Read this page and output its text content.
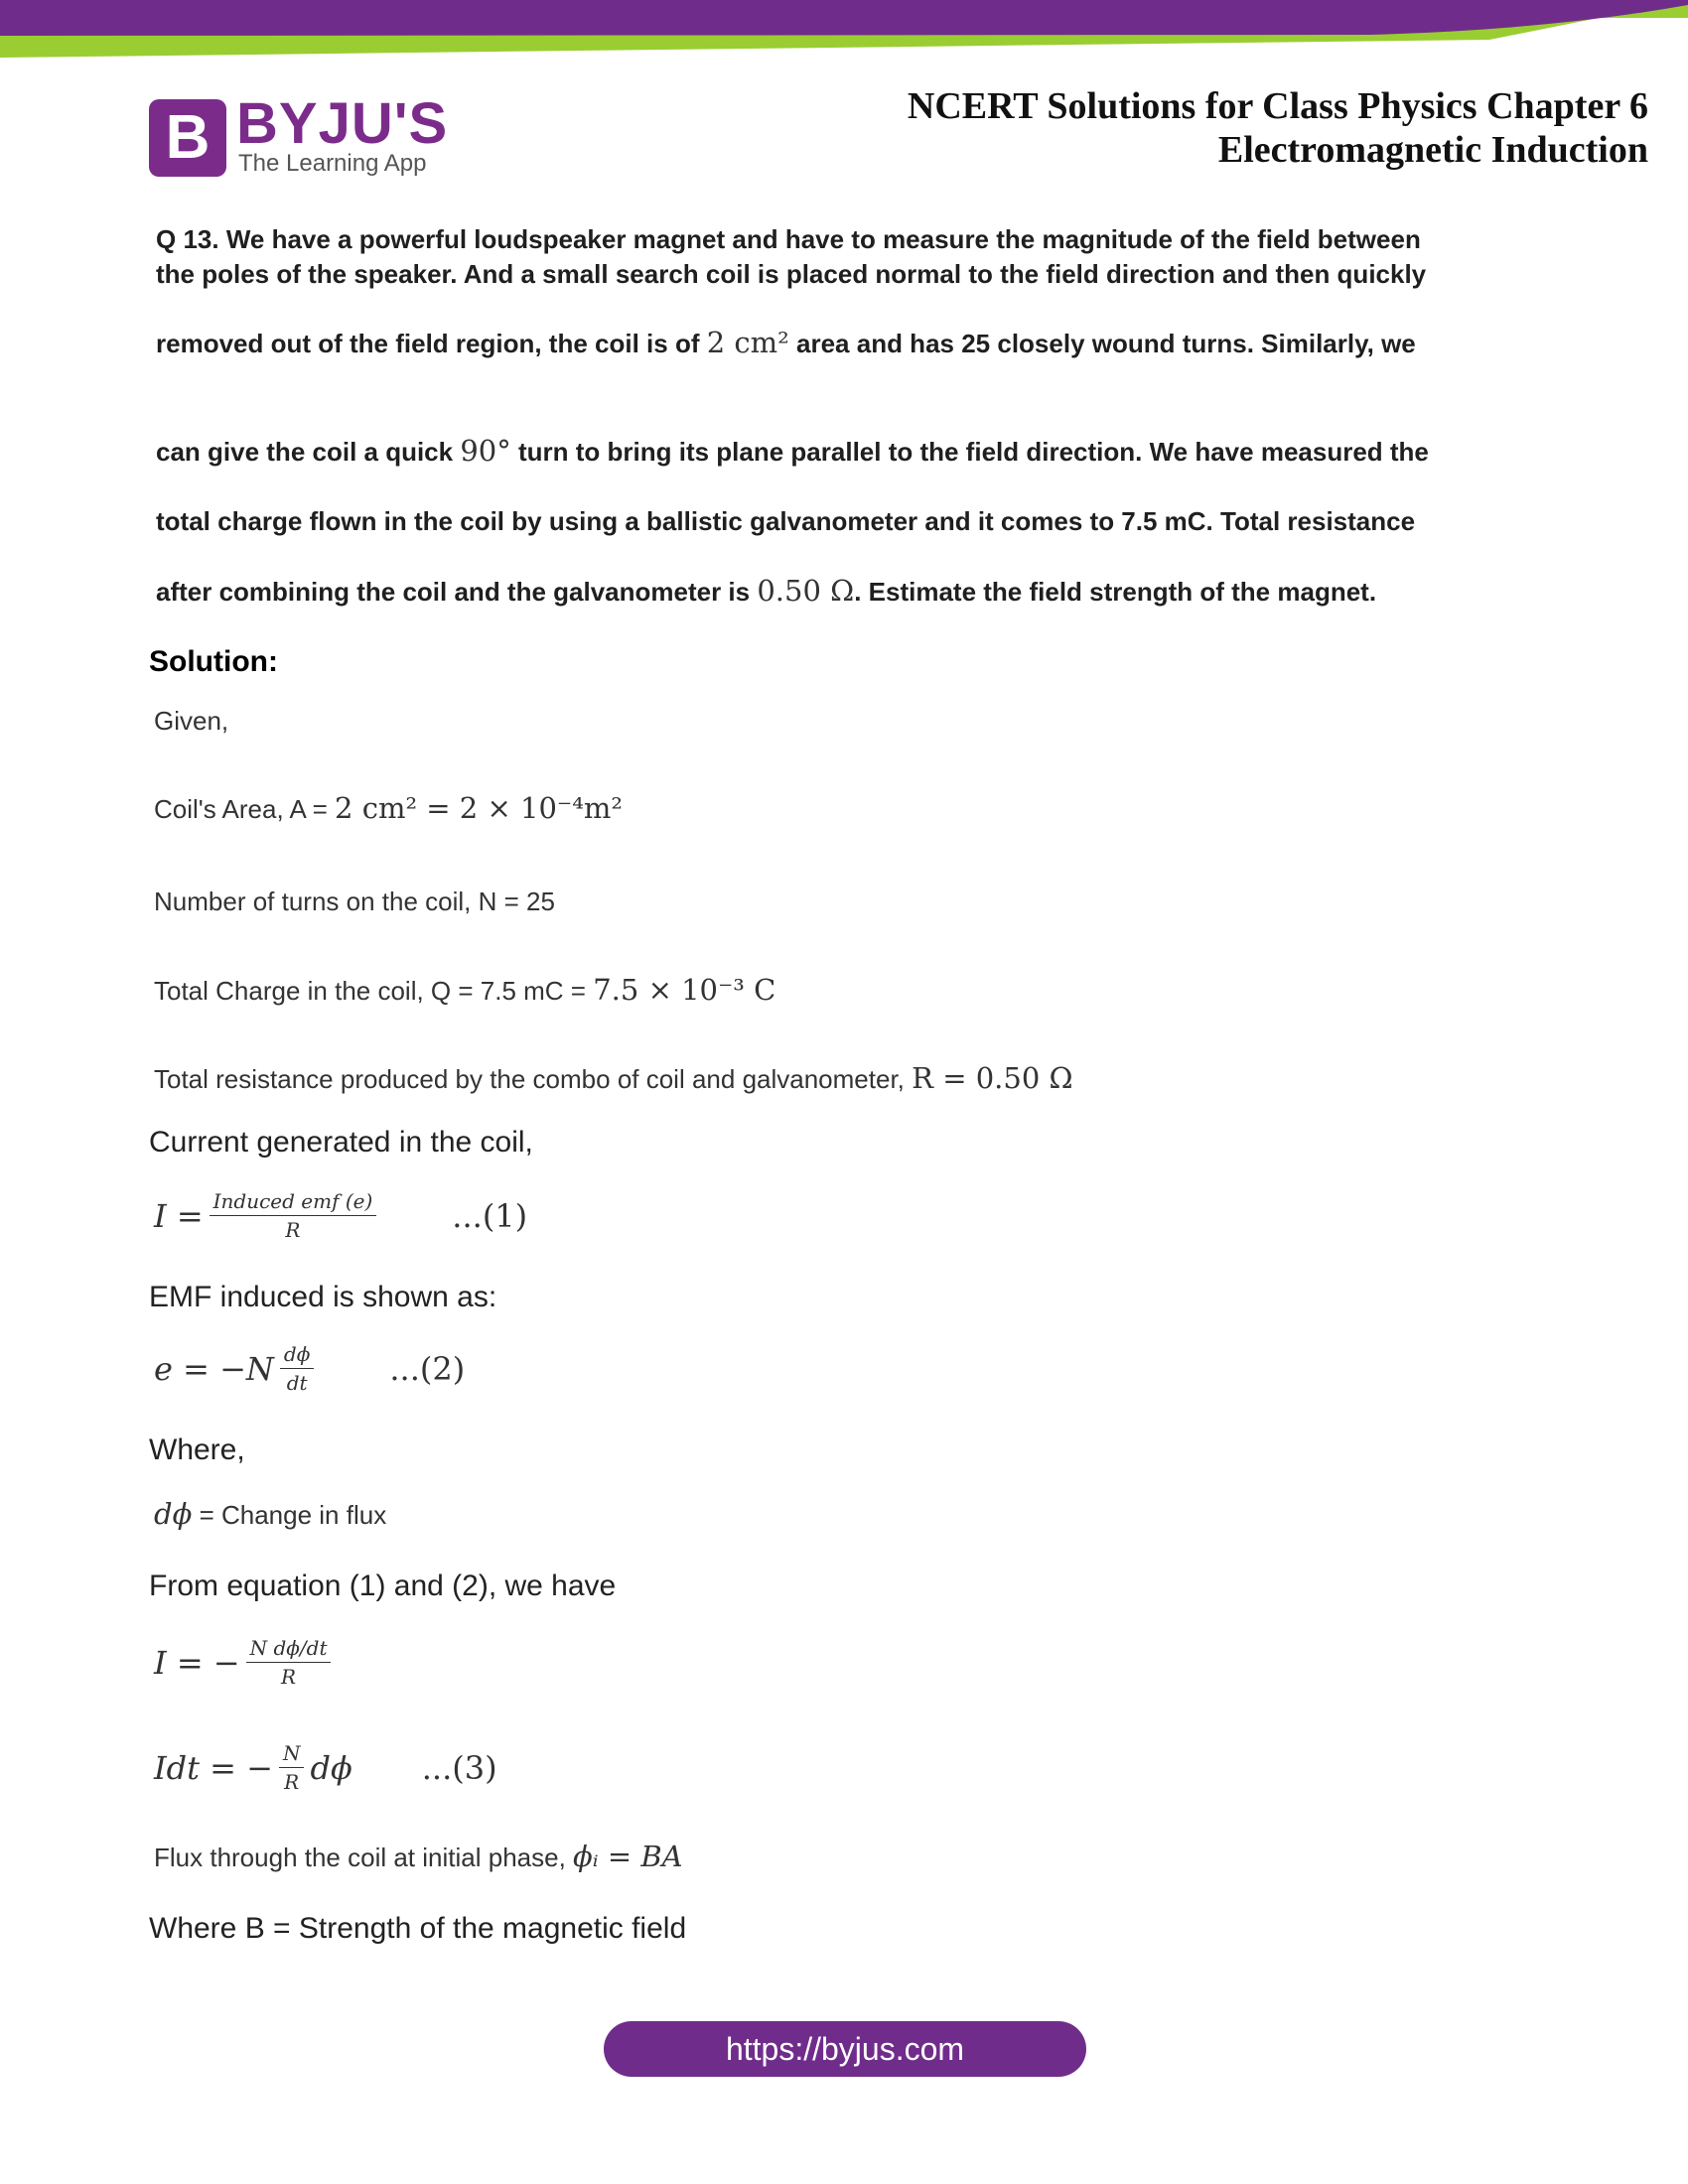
B BYJU'S
The Learning App
NCERT Solutions for Class Physics Chapter 6
Electromagnetic Induction
Q 13. We have a powerful loudspeaker magnet and have to measure the magnitude of the field between
the poles of the speaker. And a small search coil is placed normal to the field direction and then quickly
removed out of the field region, the coil is of 2 cm² area and has 25 closely wound turns. Similarly, we
can give the coil a quick 90° turn to bring its plane parallel to the field direction. We have measured the
total charge flown in the coil by using a ballistic galvanometer and it comes to 7.5 mC. Total resistance
after combining the coil and the galvanometer is 0.50 Ω. Estimate the field strength of the magnet.
Solution:
Given,
Coil's Area, A = 2 cm² = 2 × 10⁻⁴m²
Number of turns on the coil, N = 25
Total Charge in the coil, Q = 7.5 mC = 7.5 × 10⁻³ C
Total resistance produced by the combo of coil and galvanometer, R = 0.50 Ω
Current generated in the coil,
$I = \frac{\text{Induced emf (e)}}{R} ...(1)$
EMF induced is shown as:
$e = -N \frac{d\phi}{dt} ...(2)$
Where,
dϕ = Change in flux
From equation (1) and (2), we have
I = − $\frac{\text{N dϕ/dt}}{R}$
Idt = − $\frac{N}{R}$ dϕ ...(3)
Flux through the coil at initial phase, ϕᵢ = BA
Where B = Strength of the magnetic field
https://byjus.com
